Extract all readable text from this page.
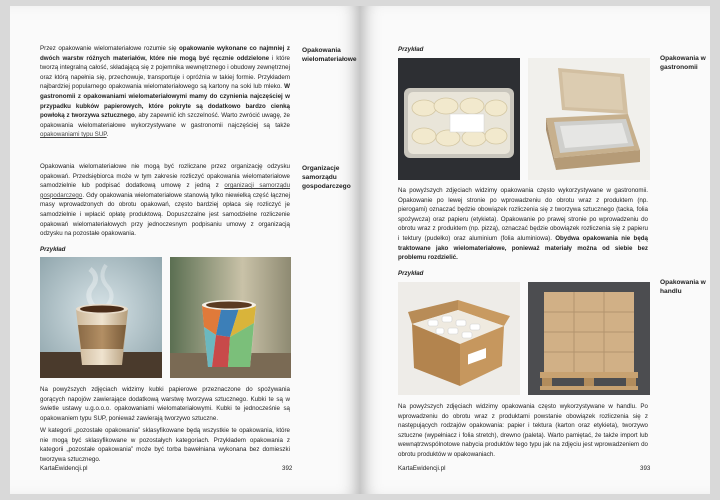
Przez opakowanie wielomateriałowe rozumie się opakowanie wykonane co najmniej z dwóch warstw różnych materiałów, które nie mogą być ręcznie oddzielone i które tworzą integralną całość, składającą się z pojemnika wewnętrznego i obudowy zewnętrznej oraz którą napełnia się, przechowuje, transportuje i opróżnia w takiej formie. Przykładem najbardziej popularnego opakowania wielomateriałowego są kartony na soki lub mleko. W gastronomii z opakowaniami wielomateriałowymi mamy do czynienia najczęściej w przypadku kubków papierowych, które pokryte są dodatkowo bardzo cienką powłoką z tworzywa sztucznego, aby zapewnić ich szczelność. Warto zwrócić uwagę, że opakowania wielomateriałowe wykorzystywane w gastronomii najczęściej są także opakowaniami typu SUP.

Opakowania wielomateriałowe

Opakowania wielomateriałowe nie mogą być rozliczane przez organizację odzysku opakowań. Przedsiębiorca może w tym zakresie rozliczyć opakowania wielomateriałowe samodzielnie lub podpisać dodatkową umowę z jedną z organizacji samorządu gospodarczego. Gdy opakowania wielomateriałowe stanowią tylko niewielką część łącznej masy wprowadzonych do obrotu opakowań, często bardziej opłaca się rozliczyć je samodzielnie i wpłacić opłatę produktową. Dopuszczalne jest samodzielne rozliczenie opakowań wielomateriałowych przy jednoczesnym podpisaniu umowy z organizacją odzysku na pozostałe opakowania.

Organizacje samorządu gospodarczego
Przykład

Na powyższych zdjęciach widzimy kubki papierowe przeznaczone do spożywania gorących napojów zawierające dodatkową warstwę tworzywa sztucznego. Kubki te są w świetle ustawy u.g.o.o.o. opakowaniami wielomateriałowymi. Kubki te jednocześnie są opakowaniem typu SUP, ponieważ zawierają tworzywo sztuczne.

W kategorii „pozostałe opakowania” sklasyfikowane będą wszystkie te opakowania, które nie mogą być sklasyfikowane w pozostałych kategoriach. Przykładem opakowania z kategorii „pozostałe opakowania” może być torba bawełniana wykonana bez domieszki tworzywa sztucznego.

KartaEwidencji.pl	392
Przykład
Opakowania w gastronomii

Na powyższych zdjęciach widzimy opakowania często wykorzystywane w gastronomii. Opakowanie po lewej stronie po wprowadzeniu do obrotu wraz z produktem (np. pierogami) oznaczać będzie obowiązek rozliczenia się z tworzywa sztucznego (tacka, folia spożywcza) oraz papieru (etykieta). Opakowanie po prawej stronie po wprowadzeniu do obrotu wraz z produktem (np. pizzą), oznaczać będzie obowiązek rozliczenia się z papieru i tektury (pudełko) oraz aluminium (folia aluminiowa). Obydwa opakowania nie będą traktowane jako wielomateriałowe, ponieważ materiały można od siebie bez problemu rozdzielić.

Przykład
Opakowania w handlu

Na powyższych zdjęciach widzimy opakowania często wykorzystywane w handlu. Po wprowadzeniu do obrotu wraz z produktami powstanie obowiązek rozliczenia się z następujących rodzajów opakowania: papier i tektura (karton oraz etykieta), tworzywo sztuczne (wypełniacz i folia stretch), drewno (paleta). Warto pamiętać, że także import lub wewnątrzwspólnotowe nabycia produktów tego typu jak na zdjęciu jest wprowadzeniem do obrotu produktów w opakowaniach.

KartaEwidencji.pl	393
